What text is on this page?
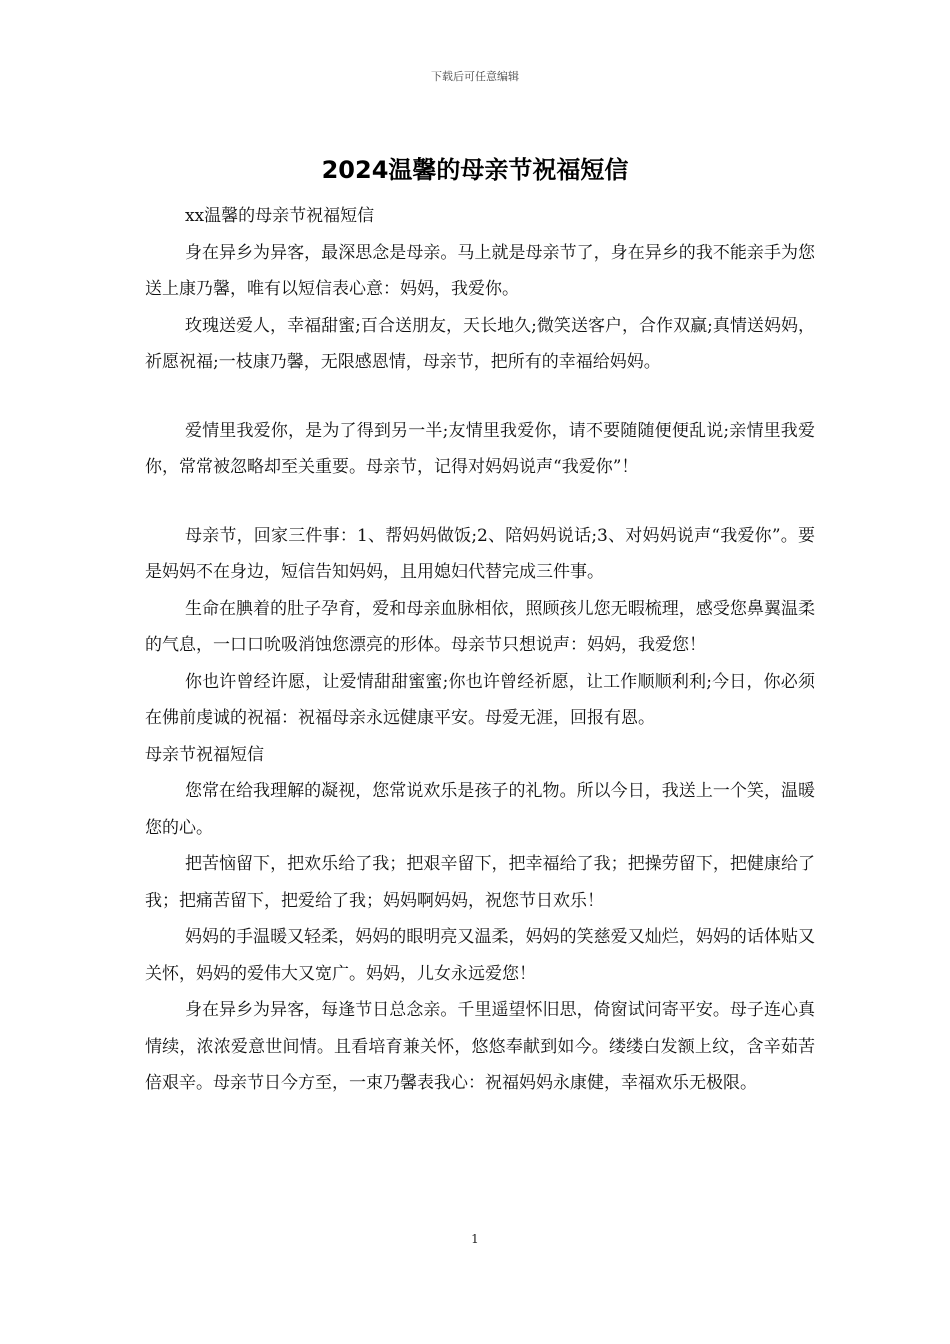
下载后可任意编辑
2024温馨的母亲节祝福短信

xx温馨的母亲节祝福短信

身在异乡为异客，最深思念是母亲。马上就是母亲节了，身在异乡的我不能亲手为您送上康乃馨，唯有以短信表心意：妈妈，我爱你。

玫瑰送爱人，幸福甜蜜;百合送朋友，天长地久;微笑送客户，合作双赢;真情送妈妈，祈愿祝福;一枝康乃馨，无限感恩情，母亲节，把所有的幸福给妈妈。

爱情里我爱你，是为了得到另一半;友情里我爱你，请不要随随便便乱说;亲情里我爱你，常常被忽略却至关重要。母亲节，记得对妈妈说声“我爱你”！

母亲节，回家三件事：1、帮妈妈做饭;2、陪妈妈说话;3、对妈妈说声“我爱你”。要是妈妈不在身边，短信告知妈妈，且用媳妇代替完成三件事。

生命在腆着的肚子孕育，爱和母亲血脉相依，照顾孩儿您无暇梳理，感受您鼻翼温柔的气息，一口口吮吸消蚀您漂亮的形体。母亲节只想说声：妈妈，我爱您！

你也许曾经许愿，让爱情甜甜蜜蜜;你也许曾经祈愿，让工作顺顺利利;今日，你必须在佛前虔诚的祝福：祝福母亲永远健康平安。母爱无涯，回报有恩。

母亲节祝福短信

您常在给我理解的凝视，您常说欢乐是孩子的礼物。所以今日，我送上一个笑，温暖您的心。

把苦恼留下，把欢乐给了我；把艰辛留下，把幸福给了我；把操劳留下，把健康给了我；把痛苦留下，把爱给了我；妈妈啊妈妈，祝您节日欢乐！

妈妈的手温暖又轻柔，妈妈的眼明亮又温柔，妈妈的笑慈爱又灿烂，妈妈的话体贴又关怀，妈妈的爱伟大又宽广。妈妈，儿女永远爱您！

身在异乡为异客，每逢节日总念亲。千里遥望怀旧思，倚窗试问寄平安。母子连心真情续，浓浓爱意世间情。且看培育兼关怀，悠悠奉献到如今。缕缕白发额上纹，含辛茹苦倍艰辛。母亲节日今方至，一束乃馨表我心：祝福妈妈永康健，幸福欢乐无极限。

1
